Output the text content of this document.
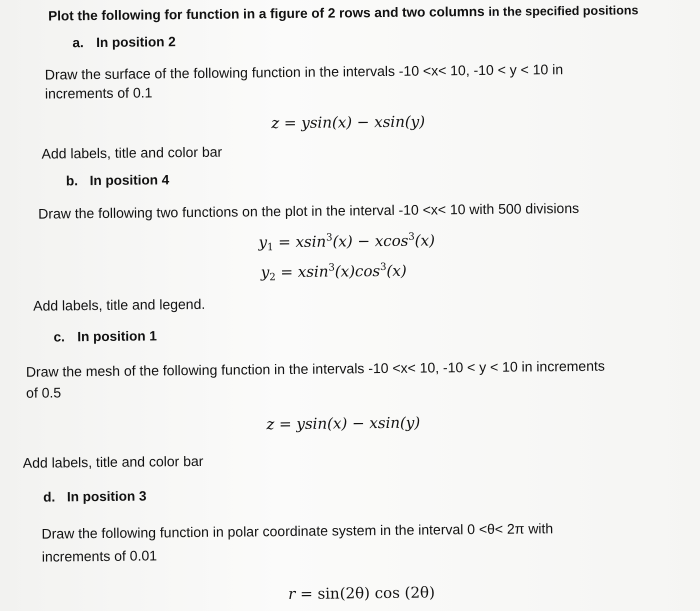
Plot the following for function in a figure of 2 rows and two columns in the specified positions
a. In position 2
Draw the surface of the following function in the intervals -10 <x< 10, -10 < y < 10 in
increments of 0.1
z = ysin(x) − xsin(y)
Add labels, title and color bar
b. In position 4
Draw the following two functions on the plot in the interval -10 <x< 10 with 500 divisions
$y_1 = xsin^3(x) - xcos^3(x)$
$y_2 = xsin^3(x)\cos^3(x)$
Add labels, title and legend.
c. In position 1
Draw the mesh of the following function in the intervals -10 <x< 10, -10 < y < 10 in increments
of 0.5
z = ysin(x) − xsin(y)
Add labels, title and color bar
d. In position 3
Draw the following function in polar coordinate system in the interval 0 <θ< 2π with
increments of 0.01
r = sin(2θ) cos (2θ)
